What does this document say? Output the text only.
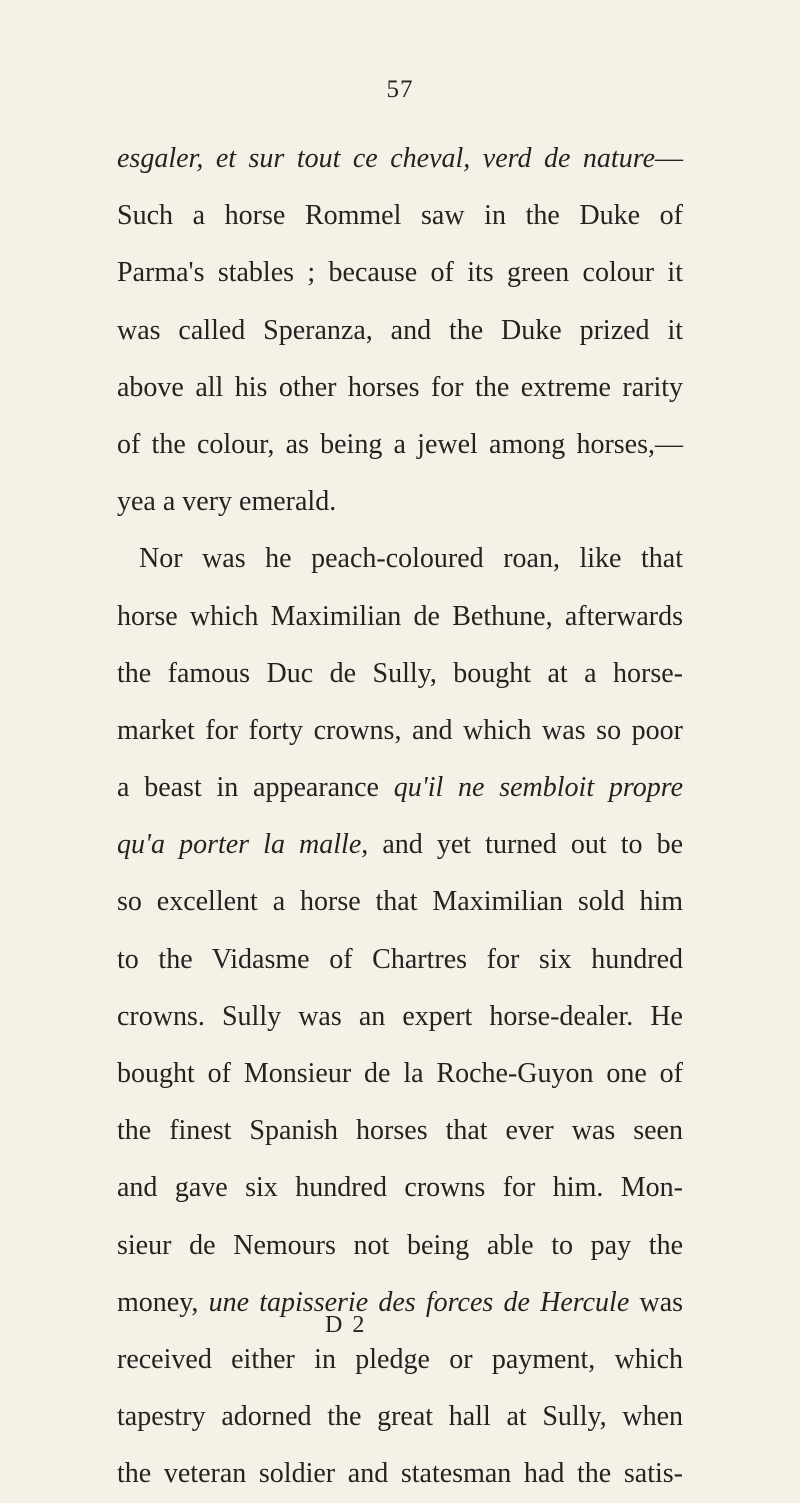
57
esgaler, et sur tout ce cheval, verd de nature—
Such a horse Rommel saw in the Duke of
Parma's stables ; because of its green colour it
was called Speranza, and the Duke prized it
above all his other horses for the extreme rarity
of the colour, as being a jewel among horses,—
yea a very emerald.
Nor was he peach-coloured roan, like that
horse which Maximilian de Bethune, afterwards
the famous Duc de Sully, bought at a horse-
market for forty crowns, and which was so poor
a beast in appearance qu'il ne sembloit propre
qu'a porter la malle, and yet turned out to be
so excellent a horse that Maximilian sold him
to the Vidasme of Chartres for six hundred
crowns. Sully was an expert horse-dealer. He
bought of Monsieur de la Roche-Guyon one of
the finest Spanish horses that ever was seen
and gave six hundred crowns for him. Mon-
sieur de Nemours not being able to pay the
money, une tapisserie des forces de Hercule was
received either in pledge or payment, which
tapestry adorned the great hall at Sully, when
the veteran soldier and statesman had the satis-
D 2
